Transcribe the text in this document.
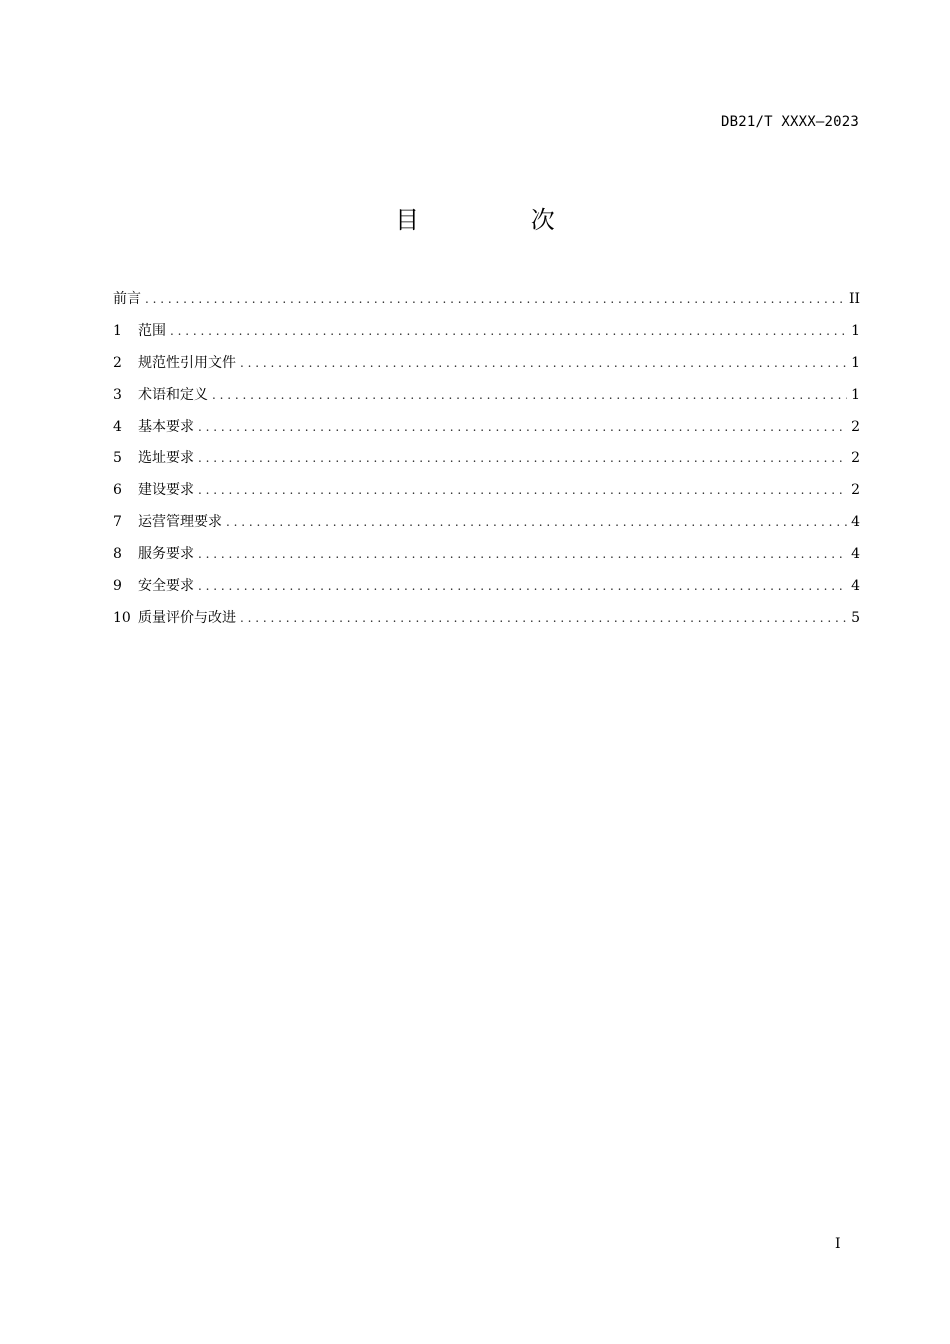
DB21/T XXXX—2023
目 次
前言 . . .	II
1	范围 . . .	1
2	规范性引用文件 . . .	1
3	术语和定义 . . .	1
4	基本要求 . . .	2
5	选址要求 . . .	2
6	建设要求 . . .	2
7	运营管理要求 . . .	4
8	服务要求 . . .	4
9	安全要求 . . .	4
10 质量评价与改进 . . .	5
I
